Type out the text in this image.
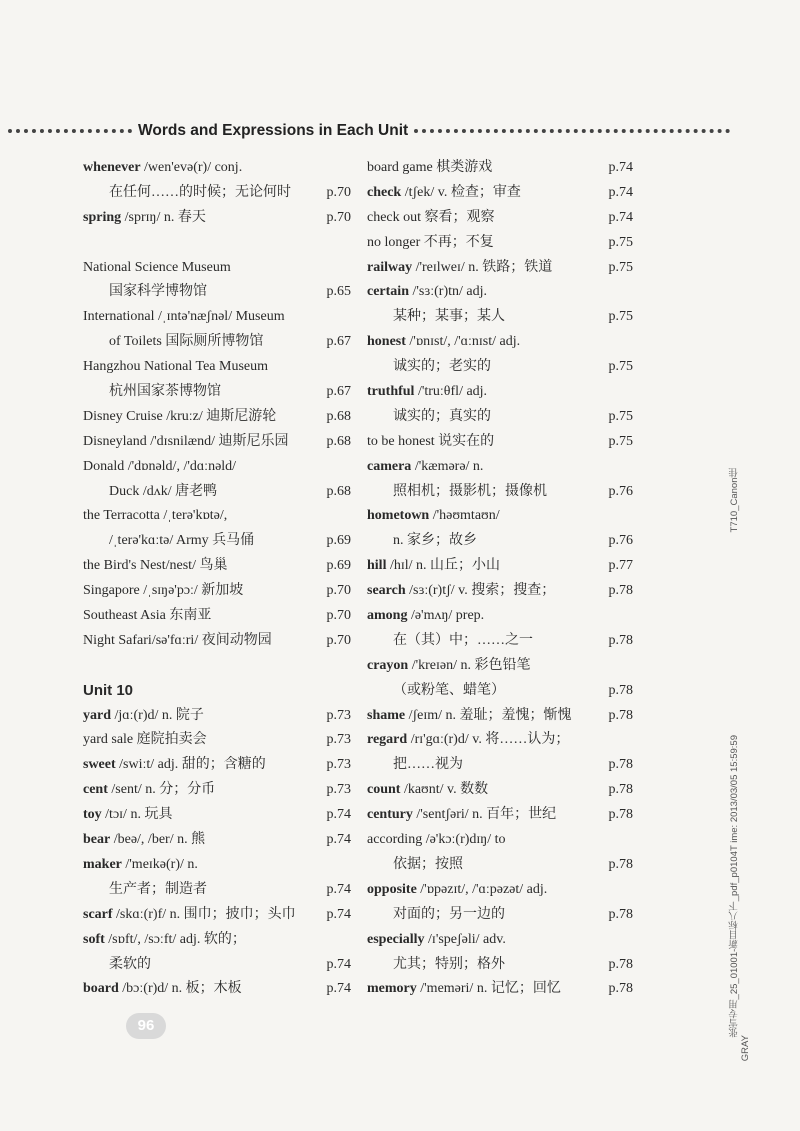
Words and Expressions in Each Unit
whenever /wen'evə(r)/ conj.
在任何……的时候；无论何时	p.70
spring /sprɪŋ/ n. 春天	p.70
National Science Museum
国家科学博物馆	p.65
International /ˌɪntə'næʃnəl/ Museum
of Toilets 国际厕所博物馆	p.67
Hangzhou National Tea Museum
杭州国家茶博物馆	p.67
Disney Cruise /kruːz/ 迪斯尼游轮	p.68
Disneyland /'dɪsnilænd/ 迪斯尼乐园	p.68
Donald /'dɒnəld/, /'dɑːnəld/
Duck /dʌk/ 唐老鸭	p.68
the Terracotta /ˌterə'kɒtə/,
/ˌterə'kɑːtə/ Army 兵马俑	p.69
the Bird's Nest/nest/ 鸟巢	p.69
Singapore /ˌsɪŋə'pɔː/ 新加坡	p.70
Southeast Asia 东南亚	p.70
Night Safari/sə'fɑːri/ 夜间动物园	p.70
Unit 10
yard /jɑː(r)d/ n. 院子	p.73
yard sale 庭院拍卖会	p.73
sweet /swiːt/ adj. 甜的；含糖的	p.73
cent /sent/ n. 分；分币	p.73
toy /tɔɪ/ n. 玩具	p.74
bear /beə/, /ber/ n. 熊	p.74
maker /'meɪkə(r)/ n.
生产者；制造者	p.74
scarf /skɑː(r)f/ n. 围巾；披巾；头巾	p.74
soft /sɒft/, /sɔːft/ adj. 软的；
柔软的	p.74
board /bɔː(r)d/ n. 板；木板	p.74
board game 棋类游戏	p.74
check /tʃek/ v. 检查；审查	p.74
check out 察看；观察	p.74
no longer 不再；不复	p.75
railway /'reɪlweɪ/ n. 铁路；铁道	p.75
certain /'sɜː(r)tn/ adj.
某种；某事；某人	p.75
honest /'ɒnɪst/, /'ɑːnɪst/ adj.
诚实的；老实的	p.75
truthful /'truːθfl/ adj.
诚实的；真实的	p.75
to be honest 说实在的	p.75
camera /'kæmərə/ n.
照相机；摄影机；摄像机	p.76
hometown /'həʊmtaʊn/
n. 家乡；故乡	p.76
hill /hɪl/ n. 山丘；小山	p.77
search /sɜː(r)tʃ/ v. 搜索；搜查；	p.78
among /ə'mʌŋ/ prep.
在（其）中；……之一	p.78
crayon /'kreɪən/ n. 彩色铅笔
（或粉笔、蜡笔）	p.78
shame /ʃeɪm/ n. 羞耻；羞愧；惭愧	p.78
regard /rɪ'gɑː(r)d/ v. 将……认为；
把……视为	p.78
count /kaʊnt/ v. 数数	p.78
century /'sentʃəri/ n. 百年；世纪	p.78
according /ə'kɔː(r)dɪŋ/ to
依据；按照	p.78
opposite /'ɒpəzɪt/, /'ɑːpəzət/ adj.
对面的；另一边的	p.78
especially /ɪ'speʃəli/ adv.
尤其；特别；格外	p.78
memory /'meməri/ n. 记忆；回忆	p.78
T710_Canon佳
张雪专用_25_01001-新目标八下_pdf_p0104T ime: 2013/03/05 15:59:59
GRAY
96
